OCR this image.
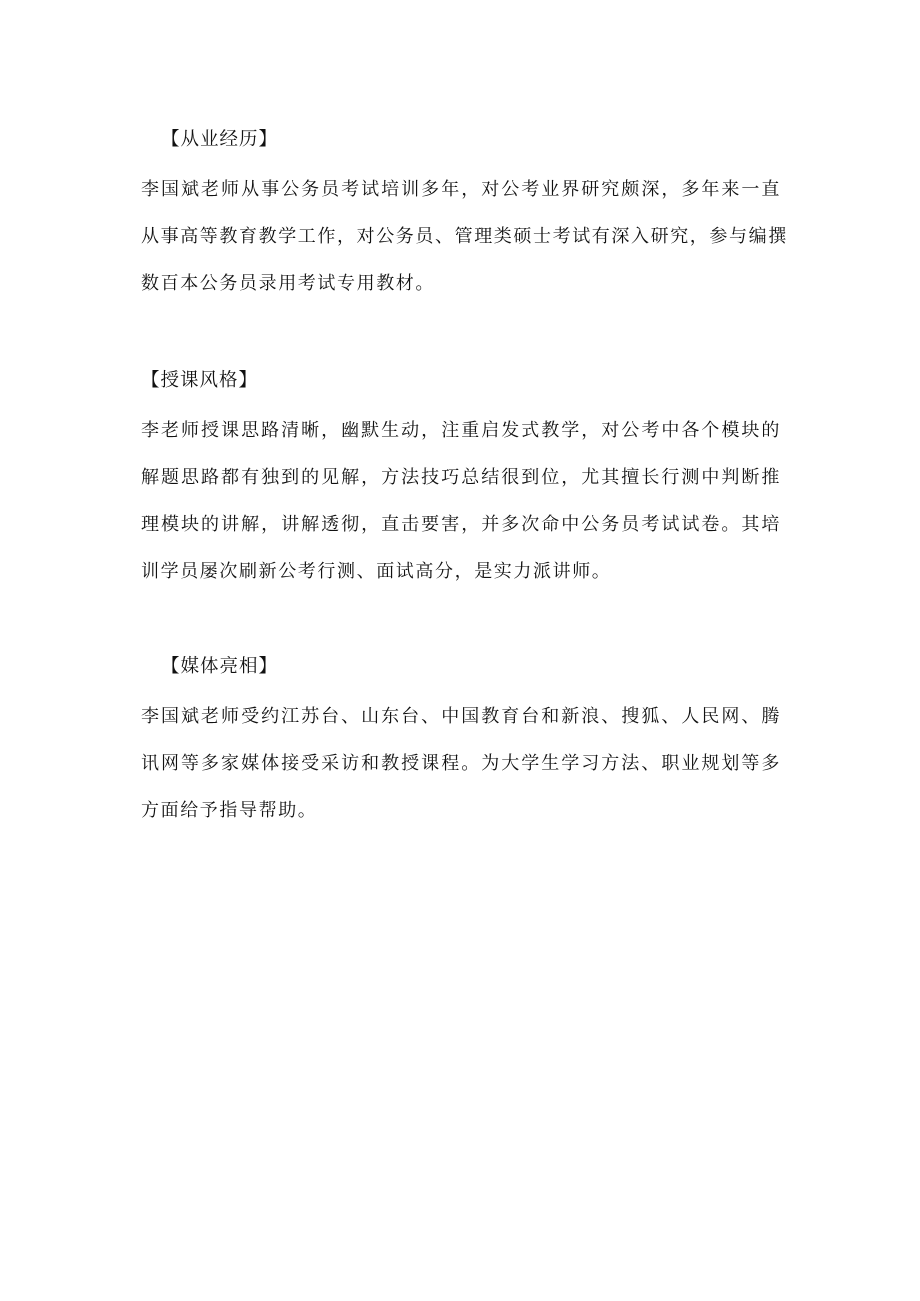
【从业经历】
李国斌老师从事公务员考试培训多年，对公考业界研究颇深，多年来一直
从事高等教育教学工作，对公务员、管理类硕士考试有深入研究，参与编撰
数百本公务员录用考试专用教材。
【授课风格】
李老师授课思路清晰，幽默生动，注重启发式教学，对公考中各个模块的
解题思路都有独到的见解，方法技巧总结很到位，尤其擅长行测中判断推
理模块的讲解，讲解透彻，直击要害，并多次命中公务员考试试卷。其培
训学员屡次刷新公考行测、面试高分，是实力派讲师。
【媒体亮相】
李国斌老师受约江苏台、山东台、中国教育台和新浪、搜狐、人民网、腾
讯网等多家媒体接受采访和教授课程。为大学生学习方法、职业规划等多
方面给予指导帮助。
